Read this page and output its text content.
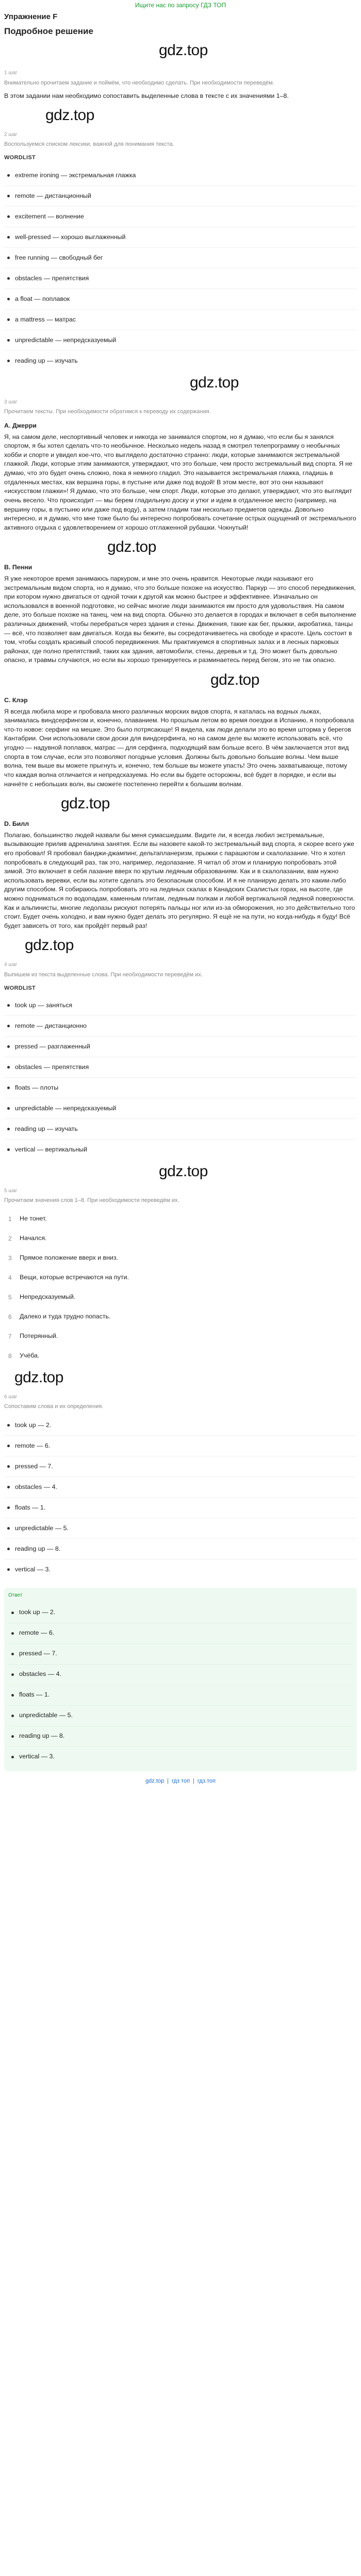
Ищите нас по запросу ГДЗ ТОП
Упражнение F
Подробное решение
gdz.top
1 шаг
Внимательно прочитаем задание и поймём, что необходимо сделать. При необходимости переведём.
В этом задании нам необходимо сопоставить выделенные слова в тексте с их значениями 1–8.
gdz.top
2 шаг
Воспользуемся списком лексики, важной для понимания текста.
WORDLIST
extreme ironing — экстремальная глажка
remote — дистанционный
excitement — волнение
well-pressed — хорошо выглаженный
free running — свободный бег
obstacles — препятствия
a float — поплавок
a mattress — матрас
unpredictable — непредсказуемый
reading up — изучать
gdz.top
3 шаг
Прочитаем тексты. При необходимости обратимся к переводу их содержания.
A. Джерри
Я, на самом деле, неспортивный человек и никогда не занимался спортом, но я думаю, что если бы я занялся спортом, я бы хотел сделать что-то необычное. Несколько недель назад я смотрел телепрограмму о необычных хобби и спорте и увидел кое-что, что выглядело достаточно странно: люди, которые занимаются экстремальной глажкой. Люди, которые этим занимаются, утверждают, что это больше, чем просто экстремальный вид спорта. Я не думаю, что это будет очень сложно, пока я немного гладил. Это называется экстремальная глажка, гладишь в отдаленных местах, как вершина горы, в пустыне или даже под водой! В этом месте, вот это они называют «искусством глажки»! Я думаю, что это больше, чем спорт. Люди, которые это делают, утверждают, что это выглядит очень весело. Что происходит — мы берем гладильную доску и утюг и идем в отдаленное место (например, на вершину горы, в пустыню или даже под воду), а затем гладим там несколько предметов одежды. Довольно интересно, и я думаю, что мне тоже было бы интересно попробовать сочетание острых ощущений от экстремального активного отдыха с удовлетворением от хорошо отглаженной рубашки. Чокнутый!
gdz.top
B. Пенни
Я уже некоторое время занимаюсь паркуром, и мне это очень нравится. Некоторые люди называют его экстремальным видом спорта, но я думаю, что это больше похоже на искусство. Паркур — это способ передвижения, при котором нужно двигаться от одной точки к другой как можно быстрее и эффективнее. Изначально он использовался в военной подготовке, но сейчас многие люди занимаются им просто для удовольствия. На самом деле, это больше похоже на танец, чем на вид спорта. Обычно это делается в городах и включает в себя выполнение различных движений, чтобы перебраться через здания и стены. Движения, такие как бег, прыжки, акробатика, танцы — всё, что позволяет вам двигаться. Когда вы бежите, вы сосредотачиваетесь на свободе и красоте. Цель состоит в том, чтобы создать красивый способ передвижения. Мы практикуемся в спортивных залах и в лесных парковых районах, где полно препятствий, таких как здания, автомобили, стены, деревья и т.д. Это может быть довольно опасно, и травмы случаются, но если вы хорошо тренируетесь и разминаетесь перед бегом, это не так опасно.
gdz.top
C. Клэр
Я всегда любила море и пробовала много различных морских видов спорта, я каталась на водных лыжах, занималась виндсерфингом и, конечно, плаванием. Но прошлым летом во время поездки в Испанию, я попробовала что-то новое: серфинг на мешке. Это было потрясающе! Я видела, как люди делали это во время шторма у берегов Кантабрии. Они использовали свои доски для виндсерфинга, но на самом деле вы можете использовать всё, что угодно — надувной поплавок, матрас — для серфинга, подходящий вам больше всего. В чём заключается этот вид спорта в том случае, если это позволяют погодные условия. Должны быть довольно большие волны. Чем выше волна, тем выше вы можете прыгнуть и, конечно, тем больше вы можете упасть! Это очень захватывающе, потому что каждая волна отличается и непредсказуема. Но если вы будете осторожны, всё будет в порядке, и если вы начнёте с небольших волн, вы сможете постепенно перейти к большим волнам.
gdz.top
D. Билл
Полагаю, большинство людей назвали бы меня сумасшедшим. Видите ли, я всегда любил экстремальные, вызывающие прилив адреналина занятия. Если вы назовете какой-то экстремальный вид спорта, я скорее всего уже его пробовал! Я пробовал банджи-джампинг, дельтапланеризм, прыжки с парашютом и скалолазание. Что я хотел попробовать в следующий раз, так это, например, ледолазание. Я читал об этом и планирую попробовать этой зимой. Это включает в себя лазание вверх по крутым ледяным образованиям. Как и в скалолазании, вам нужно использовать веревки, если вы хотите сделать это безопасным способом. И я не планирую делать это каким-либо другим способом. Я собираюсь попробовать это на ледяных скалах в Канадских Скалистых горах, на высоте, где можно подниматься по водопадам, каменным плитам, ледяным полкам и любой вертикальной ледяной поверхности. Как и альпинисты, многие ледолазы рискуют потерять пальцы ног или из-за обморожения, но это действительно того стоит. Будет очень холодно, и вам нужно будет делать это регулярно. Я ещё не на пути, но когда-нибудь я буду! Всё будет зависеть от того, как пройдёт первый раз!
gdz.top
4 шаг
Выпишем из текста выделенные слова. При необходимости переведём их.
WORDLIST
took up — заняться
remote — дистанционно
pressed — разглаженный
obstacles — препятствия
floats — плоты
unpredictable — непредсказуемый
reading up — изучать
vertical — вертикальный
gdz.top
5 шаг
Прочитаем значения слов 1–8. При необходимости переведём их.
1	Не тонет.
2	Начался.
3	Прямое положение вверх и вниз.
4	Вещи, которые встречаются на пути.
5	Непредсказуемый.
6	Далеко и туда трудно попасть.
7	Потерянный.
8	Учёба.
gdz.top
6 шаг
Сопоставим слова и их определения.
took up — 2.
remote — 6.
pressed — 7.
obstacles — 4.
floats — 1.
unpredictable — 5.
reading up — 8.
vertical — 3.
Ответ
took up — 2.
remote — 6.
pressed — 7.
obstacles — 4.
floats — 1.
unpredictable — 5.
reading up — 8.
vertical — 3.
gdz.top | гдз топ | гдз.топ
